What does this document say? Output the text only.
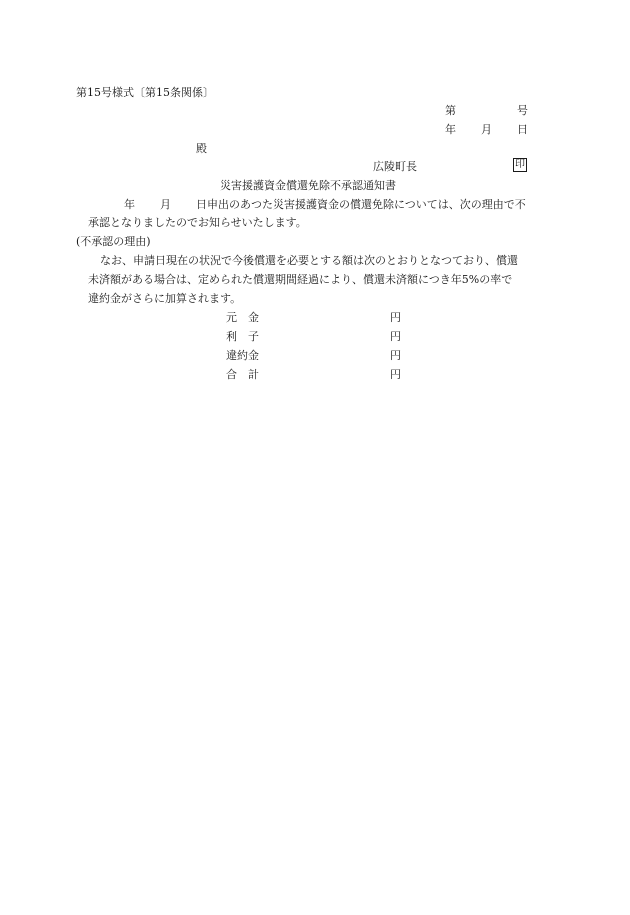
第15号様式〔第15条関係〕
第	号
年 月 日
殿
広陵町長	印
災害援護資金償還免除不承認通知書
年 月 日申出のあつた災害援護資金の償還免除については、次の理由で不
承認となりましたのでお知らせいたします。
(不承認の理由)
なお、申請日現在の状況で今後償還を必要とする額は次のとおりとなつており、償還
未済額がある場合は、定められた償還期間経過により、償還未済額につき年5%の率で
違約金がさらに加算されます。
元　金	円
利　子	円
違約金	円
合　計	円
